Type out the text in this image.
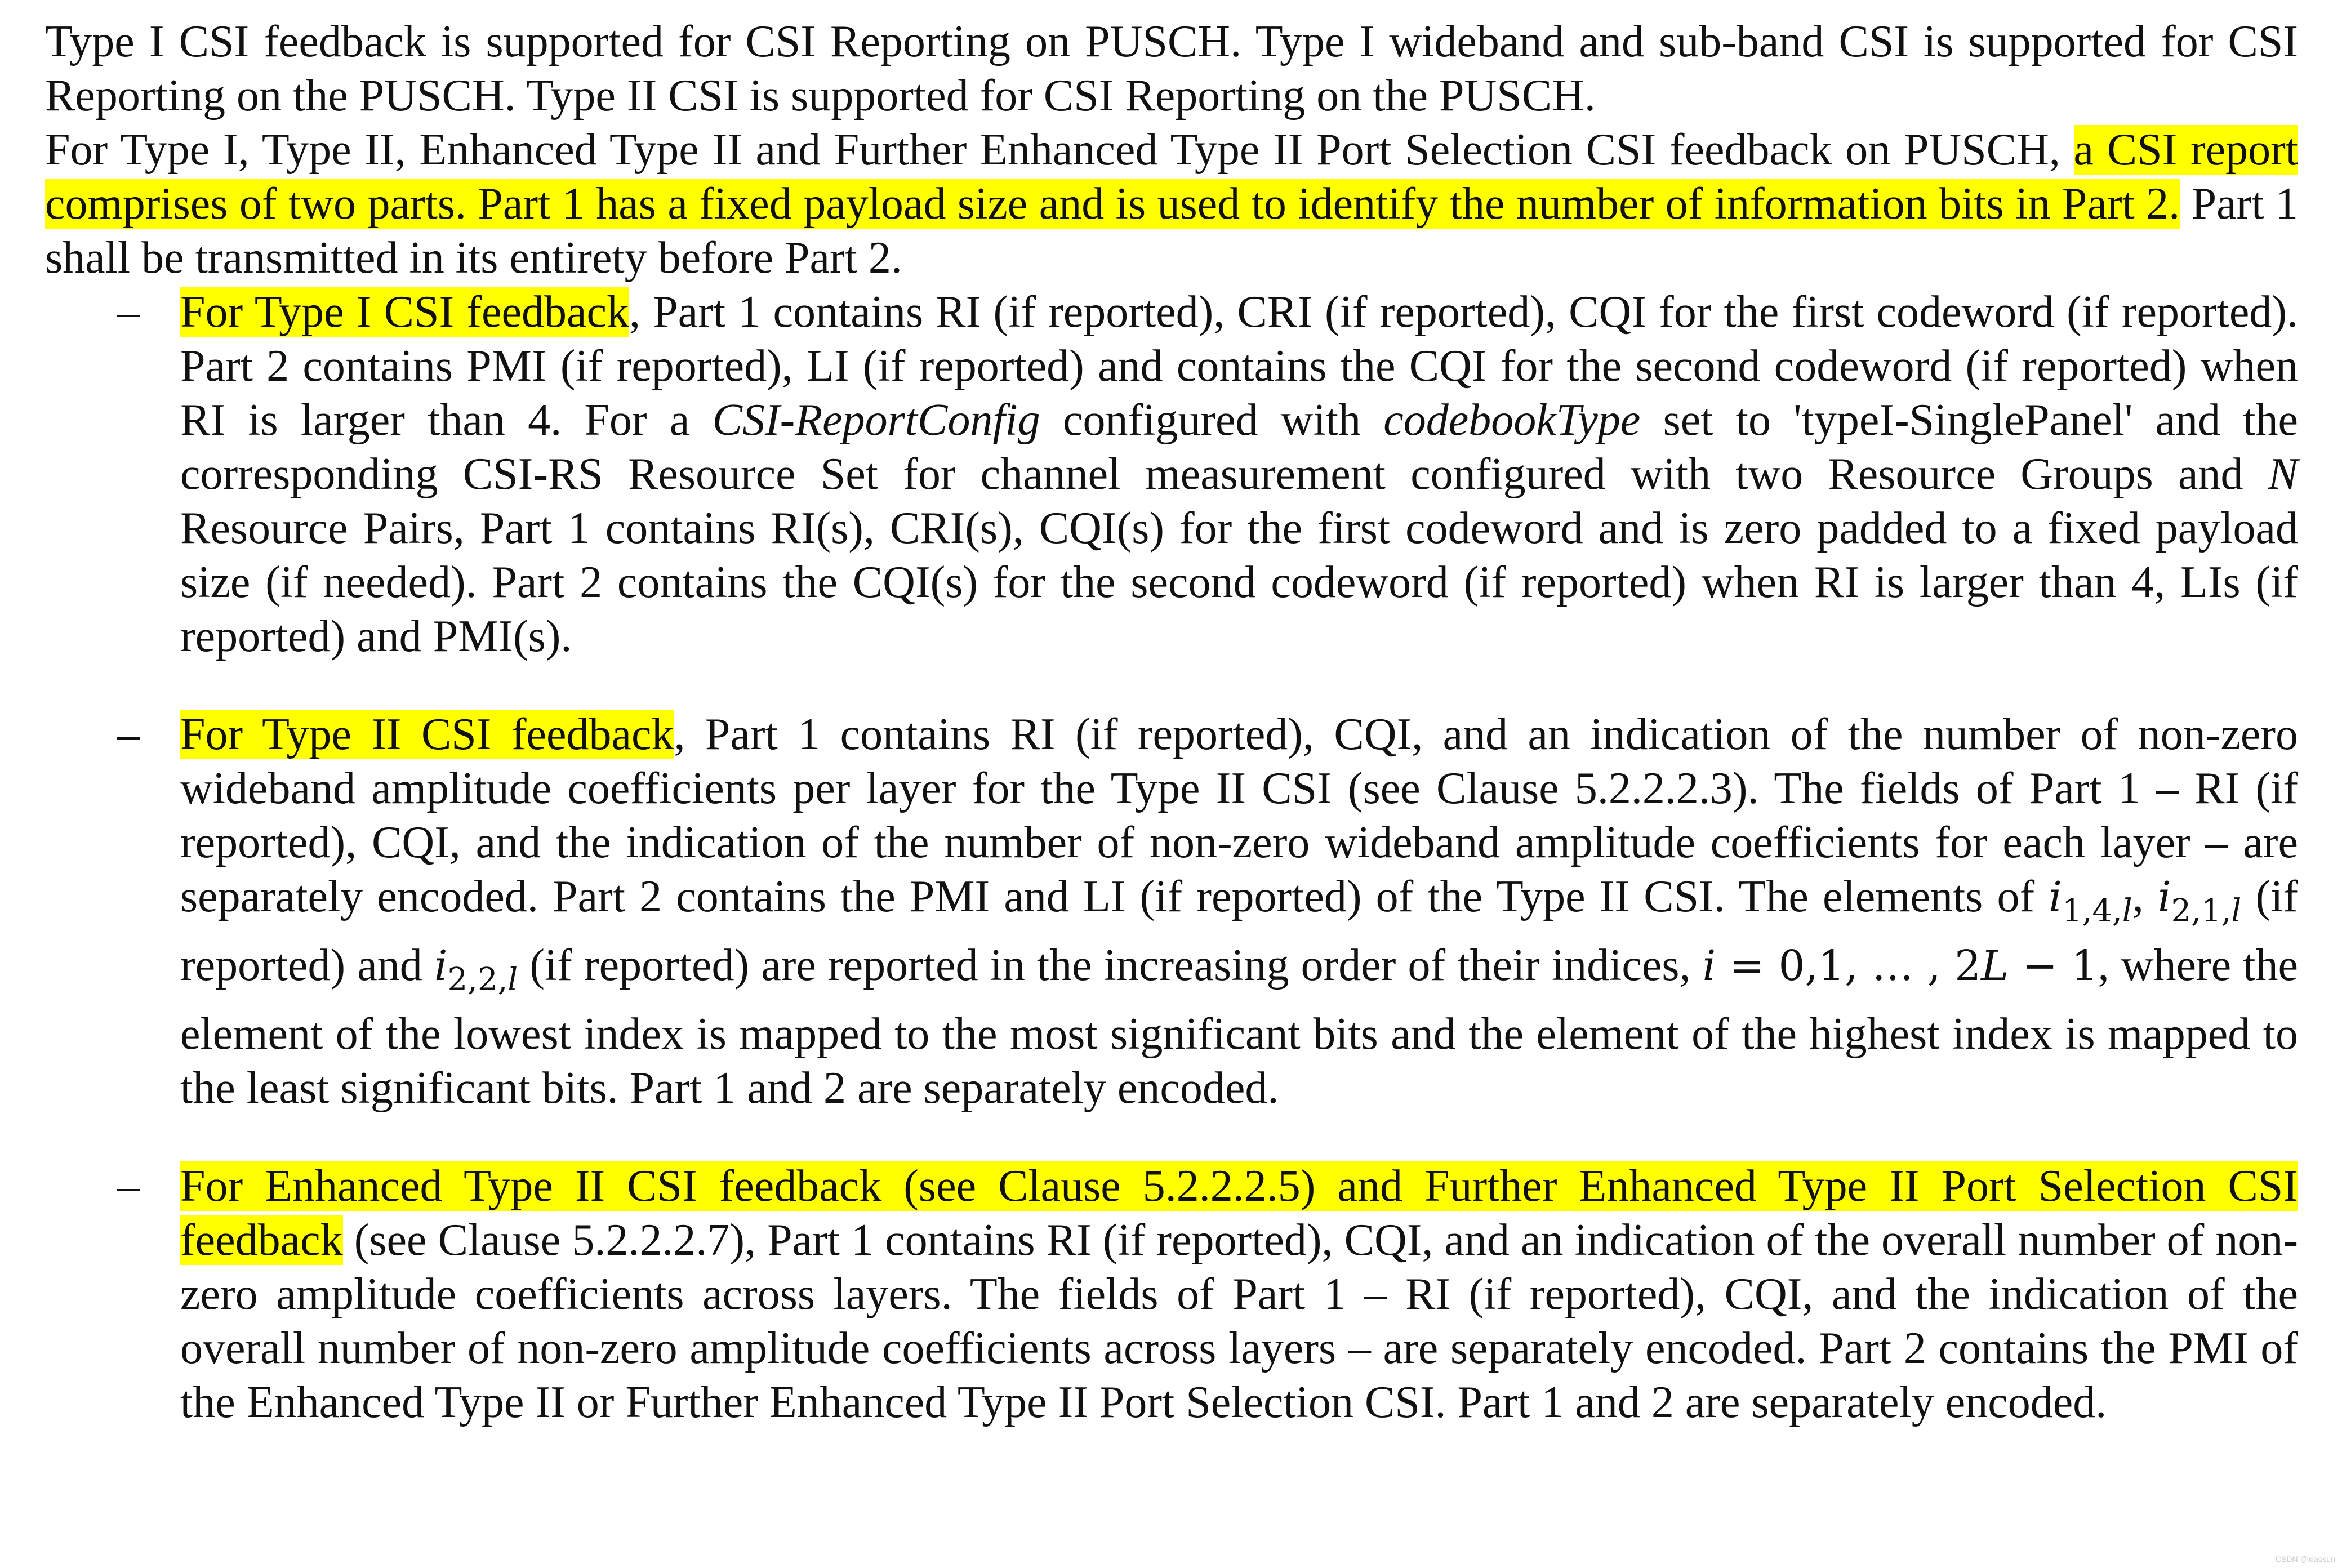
Type I CSI feedback is supported for CSI Reporting on PUSCH. Type I wideband and sub-band CSI is supported for CSI Reporting on the PUSCH. Type II CSI is supported for CSI Reporting on the PUSCH.

For Type I, Type II, Enhanced Type II and Further Enhanced Type II Port Selection CSI feedback on PUSCH, a CSI report comprises of two parts. Part 1 has a fixed payload size and is used to identify the number of information bits in Part 2. Part 1 shall be transmitted in its entirety before Part 2.

– For Type I CSI feedback, Part 1 contains RI (if reported), CRI (if reported), CQI for the first codeword (if reported). Part 2 contains PMI (if reported), LI (if reported) and contains the CQI for the second codeword (if reported) when RI is larger than 4. For a CSI-ReportConfig configured with codebookType set to 'typeI-SinglePanel' and the corresponding CSI-RS Resource Set for channel measurement configured with two Resource Groups and N Resource Pairs, Part 1 contains RI(s), CRI(s), CQI(s) for the first codeword and is zero padded to a fixed payload size (if needed). Part 2 contains the CQI(s) for the second codeword (if reported) when RI is larger than 4, LIs (if reported) and PMI(s).

– For Type II CSI feedback, Part 1 contains RI (if reported), CQI, and an indication of the number of non-zero wideband amplitude coefficients per layer for the Type II CSI (see Clause 5.2.2.2.3). The fields of Part 1 – RI (if reported), CQI, and the indication of the number of non-zero wideband amplitude coefficients for each layer – are separately encoded. Part 2 contains the PMI and LI (if reported) of the Type II CSI. The elements of $i_{1,4,l}$, $i_{2,1,l}$ (if reported) and $i_{2,2,l}$ (if reported) are reported in the increasing order of their indices, i = 0,1, … , 2L − 1, where the element of the lowest index is mapped to the most significant bits and the element of the highest index is mapped to the least significant bits. Part 1 and 2 are separately encoded.

– For Enhanced Type II CSI feedback (see Clause 5.2.2.2.5) and Further Enhanced Type II Port Selection CSI feedback (see Clause 5.2.2.2.7), Part 1 contains RI (if reported), CQI, and an indication of the overall number of non-zero amplitude coefficients across layers. The fields of Part 1 – RI (if reported), CQI, and the indication of the overall number of non-zero amplitude coefficients across layers – are separately encoded. Part 2 contains the PMI of the Enhanced Type II or Further Enhanced Type II Port Selection CSI. Part 1 and 2 are separately encoded.

CSDN @xiaosun
